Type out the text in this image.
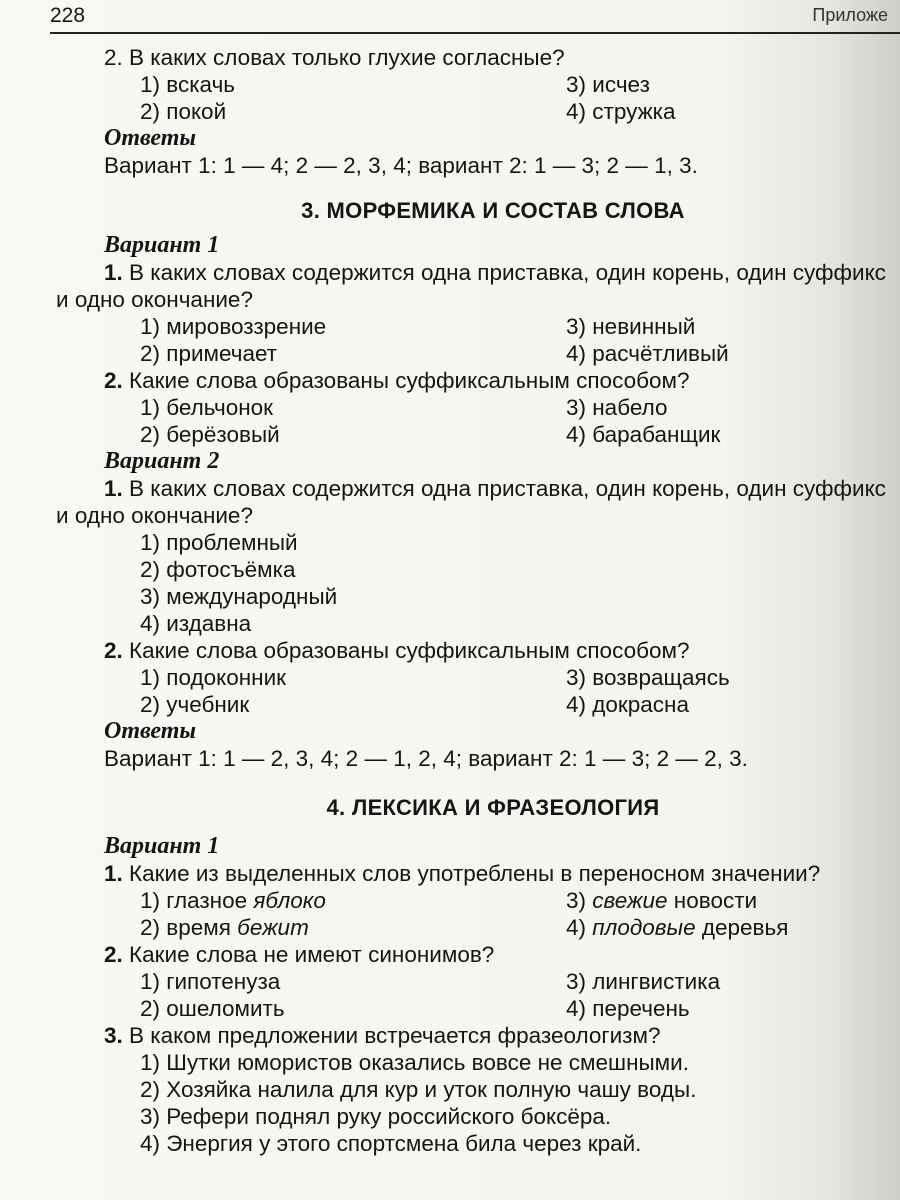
228	Приложе

2. В каких словах только глухие согласные?

1) вскачь	3) исчез
2) покой	4) стружка

Ответы

Вариант 1: 1 — 4; 2 — 2, 3, 4; вариант 2: 1 — 3; 2 — 1, 3.

3. МОРФЕМИКА И СОСТАВ СЛОВА

Вариант 1

1. В каких словах содержится одна приставка, один корень, один суффикс и одно окончание?

1) мировоззрение	3) невинный
2) примечает	4) расчётливый

2. Какие слова образованы суффиксальным способом?

1) бельчонок	3) набело
2) берёзовый	4) барабанщик

Вариант 2

1. В каких словах содержится одна приставка, один корень, один суффикс и одно окончание?

1) проблемный
2) фотосъёмка
3) международный
4) издавна

2. Какие слова образованы суффиксальным способом?

1) подоконник	3) возвращаясь
2) учебник	4) докрасна

Ответы

Вариант 1: 1 — 2, 3, 4; 2 — 1, 2, 4; вариант 2: 1 — 3; 2 — 2, 3.

4. ЛЕКСИКА И ФРАЗЕОЛОГИЯ

Вариант 1

1. Какие из выделенных слов употреблены в переносном значении?

1) глазное яблоко	3) свежие новости
2) время бежит	4) плодовые деревья

2. Какие слова не имеют синонимов?

1) гипотенуза	3) лингвистика
2) ошеломить	4) перечень

3. В каком предложении встречается фразеологизм?

1) Шутки юмористов оказались вовсе не смешными.
2) Хозяйка налила для кур и уток полную чашу воды.
3) Рефери поднял руку российского боксёра.
4) Энергия у этого спортсмена била через край.
